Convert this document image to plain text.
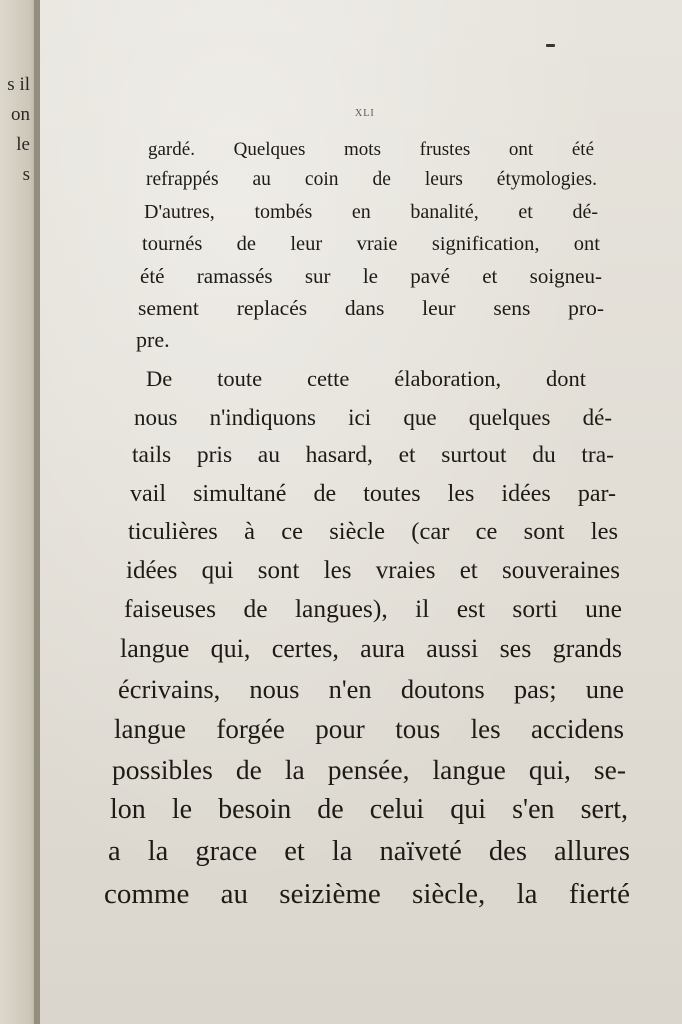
s il
on
le
s
XLI
gardé. Quelques mots frustes ont été
refrappés au coin de leurs étymologies.
D'autres, tombés en banalité, et dé-
tournés de leur vraie signification, ont
été ramassés sur le pavé et soigneu-
sement replacés dans leur sens pro-
pre.
De toute cette élaboration, dont
nous n'indiquons ici que quelques dé-
tails pris au hasard, et surtout du tra-
vail simultané de toutes les idées par-
ticulières à ce siècle (car ce sont les
idées qui sont les vraies et souveraines
faiseuses de langues), il est sorti une
langue qui, certes, aura aussi ses grands
écrivains, nous n'en doutons pas; une
langue forgée pour tous les accidens
possibles de la pensée, langue qui, se-
lon le besoin de celui qui s'en sert,
a la grace et la naïveté des allures
comme au seizième siècle, la fierté
